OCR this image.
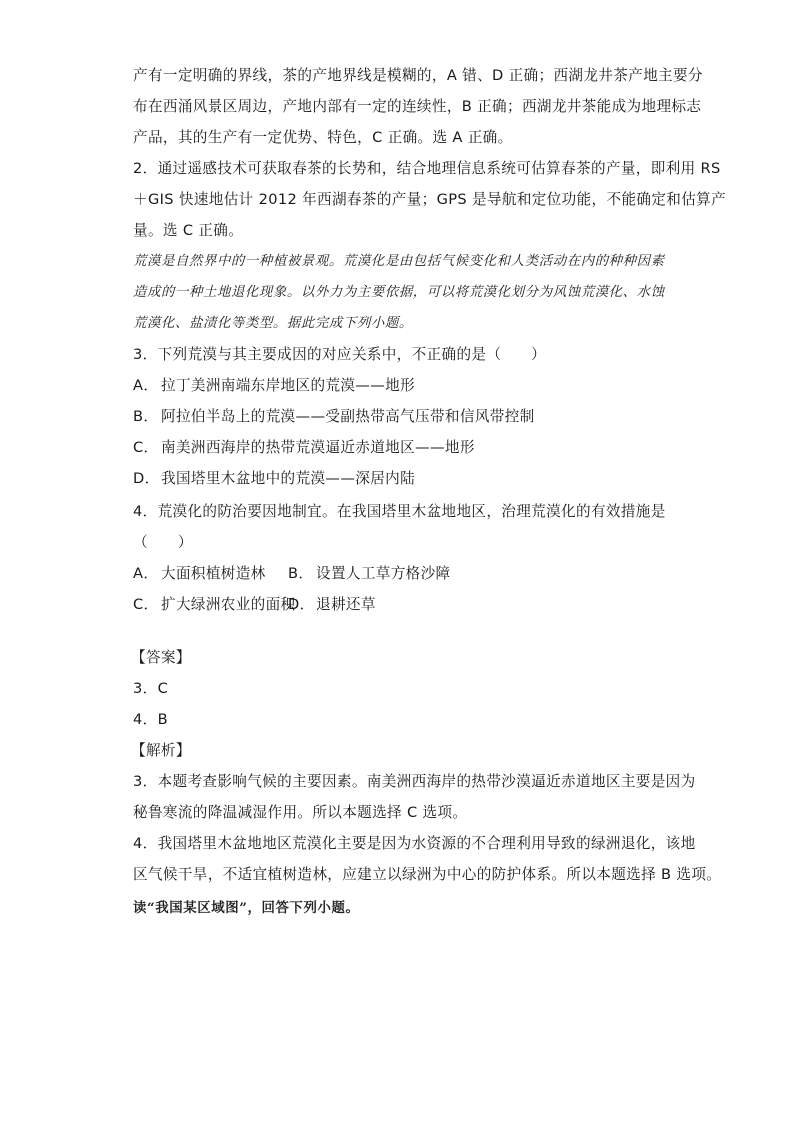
产有一定明确的界线，茶的产地界线是模糊的，A 错、D 正确；西湖龙井茶产地主要分
布在西涌风景区周边，产地内部有一定的连续性，B 正确；西湖龙井茶能成为地理标志
产品，其的生产有一定优势、特色，C 正确。选 A 正确。
2．通过遥感技术可获取春茶的长势和，结合地理信息系统可估算春茶的产量，即利用 RS
＋GIS 快速地估计 2012 年西湖春茶的产量；GPS 是导航和定位功能，不能确定和估算产
量。选 C 正确。
荒漠是自然界中的一种植被景观。荒漠化是由包括气候变化和人类活动在内的种种因素
造成的一种土地退化现象。以外力为主要依据，可以将荒漠化划分为风蚀荒漠化、水蚀
荒漠化、盐渍化等类型。据此完成下列小题。
3．下列荒漠与其主要成因的对应关系中，不正确的是（　　）
A． 拉丁美洲南端东岸地区的荒漠——地形
B． 阿拉伯半岛上的荒漠——受副热带高气压带和信风带控制
C． 南美洲西海岸的热带荒漠逼近赤道地区——地形
D．我国塔里木盆地中的荒漠——深居内陆
4．荒漠化的防治要因地制宜。在我国塔里木盆地地区，治理荒漠化的有效措施是
（　　）
A． 大面积植树造林 B． 设置人工草方格沙障
C． 扩大绿洲农业的面积D．退耕还草
【答案】
3．C
4．B
【解析】
3．本题考查影响气候的主要因素。南美洲西海岸的热带沙漠逼近赤道地区主要是因为
秘鲁寒流的降温减湿作用。所以本题选择 C 选项。
4．我国塔里木盆地地区荒漠化主要是因为水资源的不合理利用导致的绿洲退化，该地
区气候干旱，不适宜植树造林，应建立以绿洲为中心的防护体系。所以本题选择 B 选项。
读“我国某区域图”，回答下列小题。
